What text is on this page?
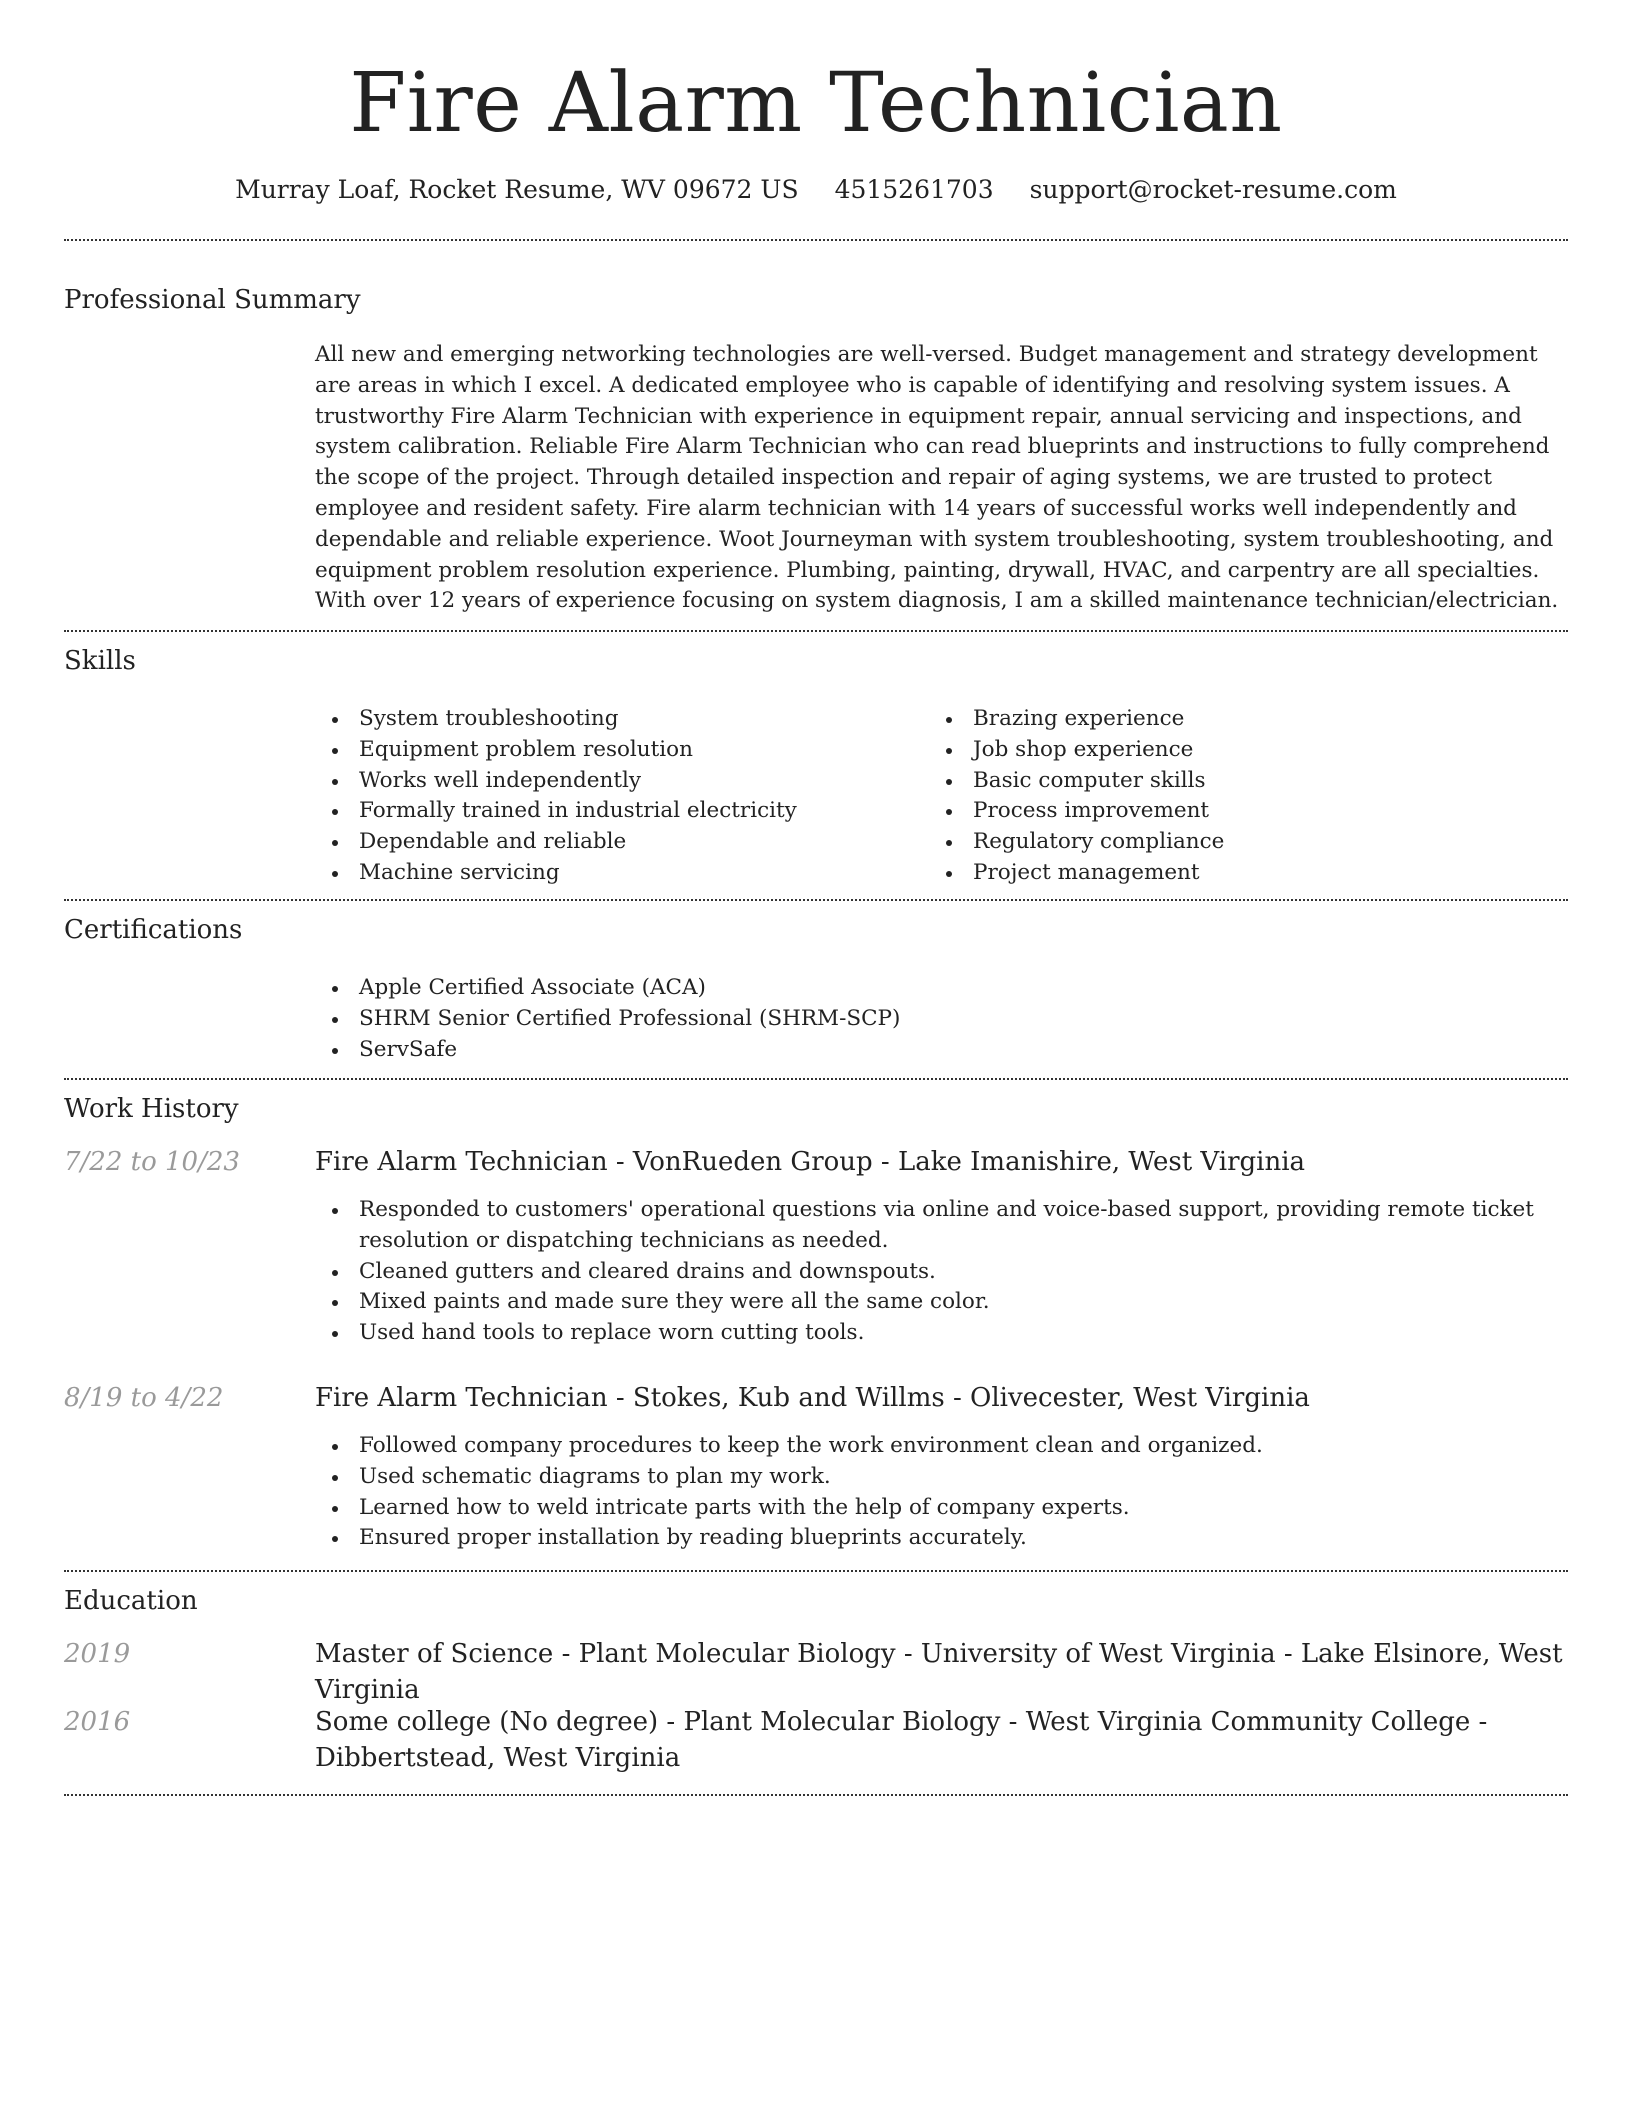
Fire Alarm Technician
Murray Loaf, Rocket Resume, WV 09672 US 4515261703 support@rocket-resume.com
Professional Summary

All new and emerging networking technologies are well-versed. Budget management and strategy development are areas in which I excel. A dedicated employee who is capable of identifying and resolving system issues. A trustworthy Fire Alarm Technician with experience in equipment repair, annual servicing and inspections, and system calibration. Reliable Fire Alarm Technician who can read blueprints and instructions to fully comprehend the scope of the project. Through detailed inspection and repair of aging systems, we are trusted to protect employee and resident safety. Fire alarm technician with 14 years of successful works well independently and dependable and reliable experience. Woot Journeyman with system troubleshooting, system troubleshooting, and equipment problem resolution experience. Plumbing, painting, drywall, HVAC, and carpentry are all specialties. With over 12 years of experience focusing on system diagnosis, I am a skilled maintenance technician/electrician.

Skills
System troubleshooting
Equipment problem resolution
Works well independently
Formally trained in industrial electricity
Dependable and reliable
Machine servicing
Brazing experience
Job shop experience
Basic computer skills
Process improvement
Regulatory compliance
Project management
Certifications
Apple Certified Associate (ACA)
SHRM Senior Certified Professional (SHRM-SCP)
ServSafe
Work History
7/22 to 10/23	Fire Alarm Technician - VonRueden Group - Lake Imanishire, West Virginia
Responded to customers' operational questions via online and voice-based support, providing remote ticket resolution or dispatching technicians as needed.
Cleaned gutters and cleared drains and downspouts.
Mixed paints and made sure they were all the same color.
Used hand tools to replace worn cutting tools.
8/19 to 4/22	Fire Alarm Technician - Stokes, Kub and Willms - Olivecester, West Virginia
Followed company procedures to keep the work environment clean and organized.
Used schematic diagrams to plan my work.
Learned how to weld intricate parts with the help of company experts.
Ensured proper installation by reading blueprints accurately.
Education
2019	Master of Science - Plant Molecular Biology - University of West Virginia - Lake Elsinore, West Virginia
2016	Some college (No degree) - Plant Molecular Biology - West Virginia Community College - Dibbertstead, West Virginia
